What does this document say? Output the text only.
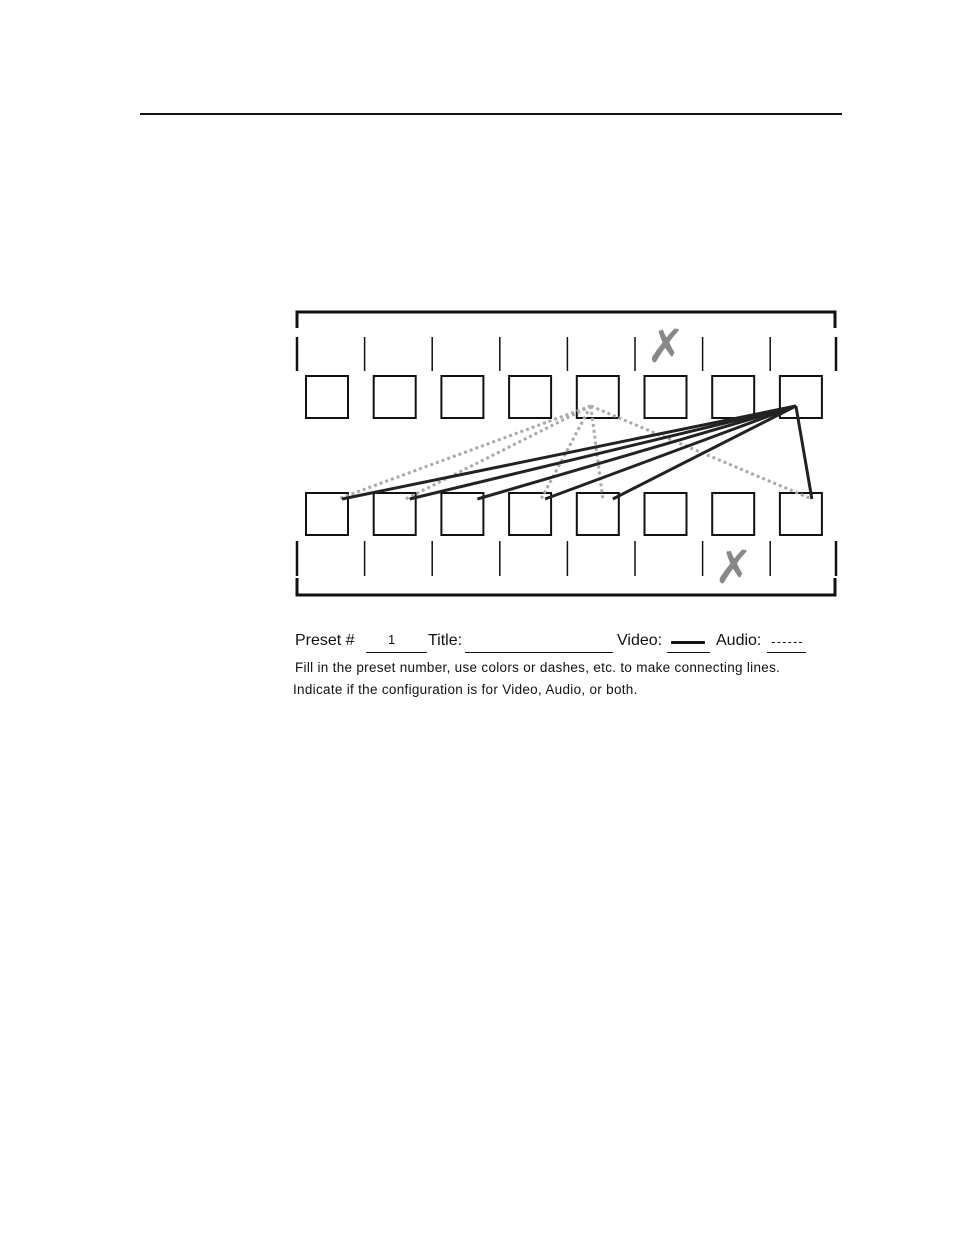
✗
✗
Preset #	1 Title:	Video:	Audio:
Fill in the preset number, use colors or dashes, etc. to make connecting lines.
Indicate if the configuration is for Video, Audio, or both.
